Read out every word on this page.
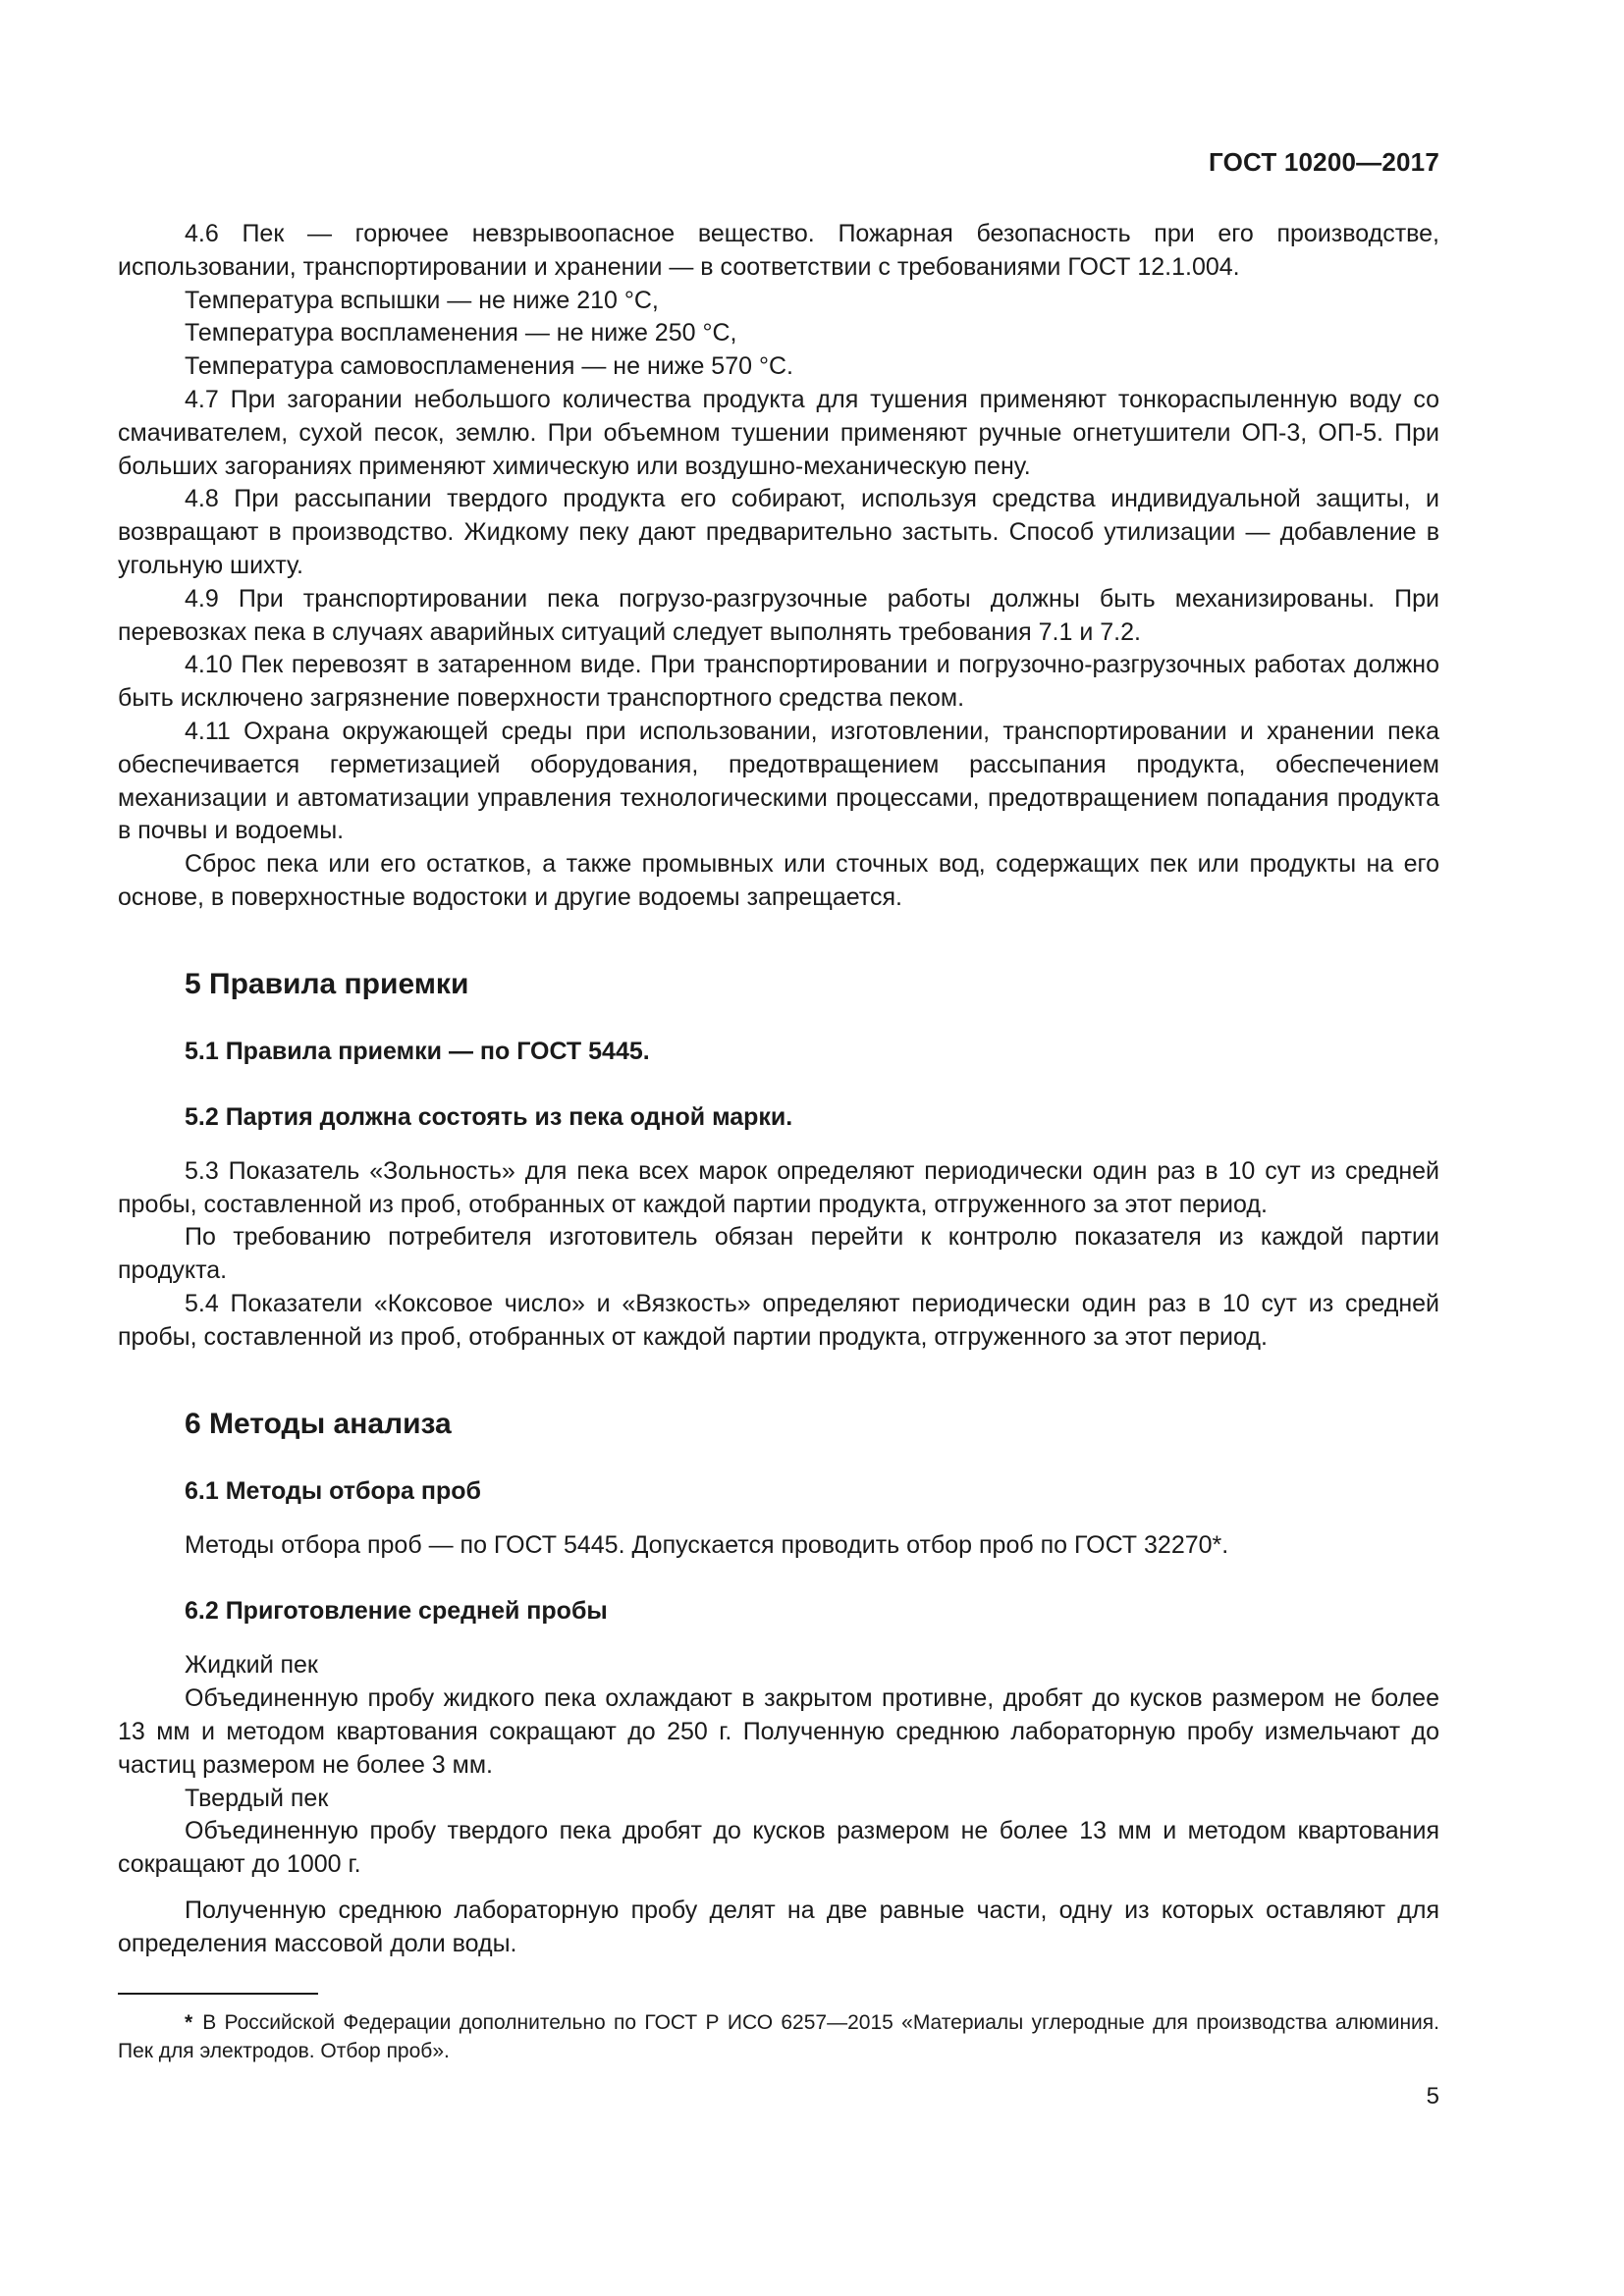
ГОСТ 10200—2017

4.6 Пек — горючее невзрывоопасное вещество. Пожарная безопасность при его производстве, использовании, транспортировании и хранении — в соответствии с требованиями ГОСТ 12.1.004.

Температура вспышки — не ниже 210 °С,

Температура воспламенения — не ниже 250 °С,

Температура самовоспламенения — не ниже 570 °С.

4.7 При загорании небольшого количества продукта для тушения применяют тонкораспыленную воду со смачивателем, сухой песок, землю. При объемном тушении применяют ручные огнетушители ОП-3, ОП-5. При больших загораниях применяют химическую или воздушно-механическую пену.

4.8 При рассыпании твердого продукта его собирают, используя средства индивидуальной защиты, и возвращают в производство. Жидкому пеку дают предварительно застыть. Способ утилизации — добавление в угольную шихту.

4.9 При транспортировании пека погрузо-разгрузочные работы должны быть механизированы. При перевозках пека в случаях аварийных ситуаций следует выполнять требования 7.1 и 7.2.

4.10 Пек перевозят в затаренном виде. При транспортировании и погрузочно-разгрузочных работах должно быть исключено загрязнение поверхности транспортного средства пеком.

4.11 Охрана окружающей среды при использовании, изготовлении, транспортировании и хранении пека обеспечивается герметизацией оборудования, предотвращением рассыпания продукта, обеспечением механизации и автоматизации управления технологическими процессами, предотвращением попадания продукта в почвы и водоемы.

Сброс пека или его остатков, а также промывных или сточных вод, содержащих пек или продукты на его основе, в поверхностные водостоки и другие водоемы запрещается.

5 Правила приемки
5.1 Правила приемки — по ГОСТ 5445.
5.2 Партия должна состоять из пека одной марки.

5.3 Показатель «Зольность» для пека всех марок определяют периодически один раз в 10 сут из средней пробы, составленной из проб, отобранных от каждой партии продукта, отгруженного за этот период.

По требованию потребителя изготовитель обязан перейти к контролю показателя из каждой партии продукта.

5.4 Показатели «Коксовое число» и «Вязкость» определяют периодически один раз в 10 сут из средней пробы, составленной из проб, отобранных от каждой партии продукта, отгруженного за этот период.

6 Методы анализа
6.1 Методы отбора проб

Методы отбора проб — по ГОСТ 5445. Допускается проводить отбор проб по ГОСТ 32270*.

6.2 Приготовление средней пробы

Жидкий пек

Объединенную пробу жидкого пека охлаждают в закрытом противне, дробят до кусков размером не более 13 мм и методом квартования сокращают до 250 г. Полученную среднюю лабораторную пробу измельчают до частиц размером не более 3 мм.

Твердый пек

Объединенную пробу твердого пека дробят до кусков размером не более 13 мм и методом квартования сокращают до 1000 г.

Полученную среднюю лабораторную пробу делят на две равные части, одну из которых оставляют для определения массовой доли воды.

* В Российской Федерации дополнительно по ГОСТ Р ИСО 6257—2015 «Материалы углеродные для производства алюминия. Пек для электродов. Отбор проб».

5
